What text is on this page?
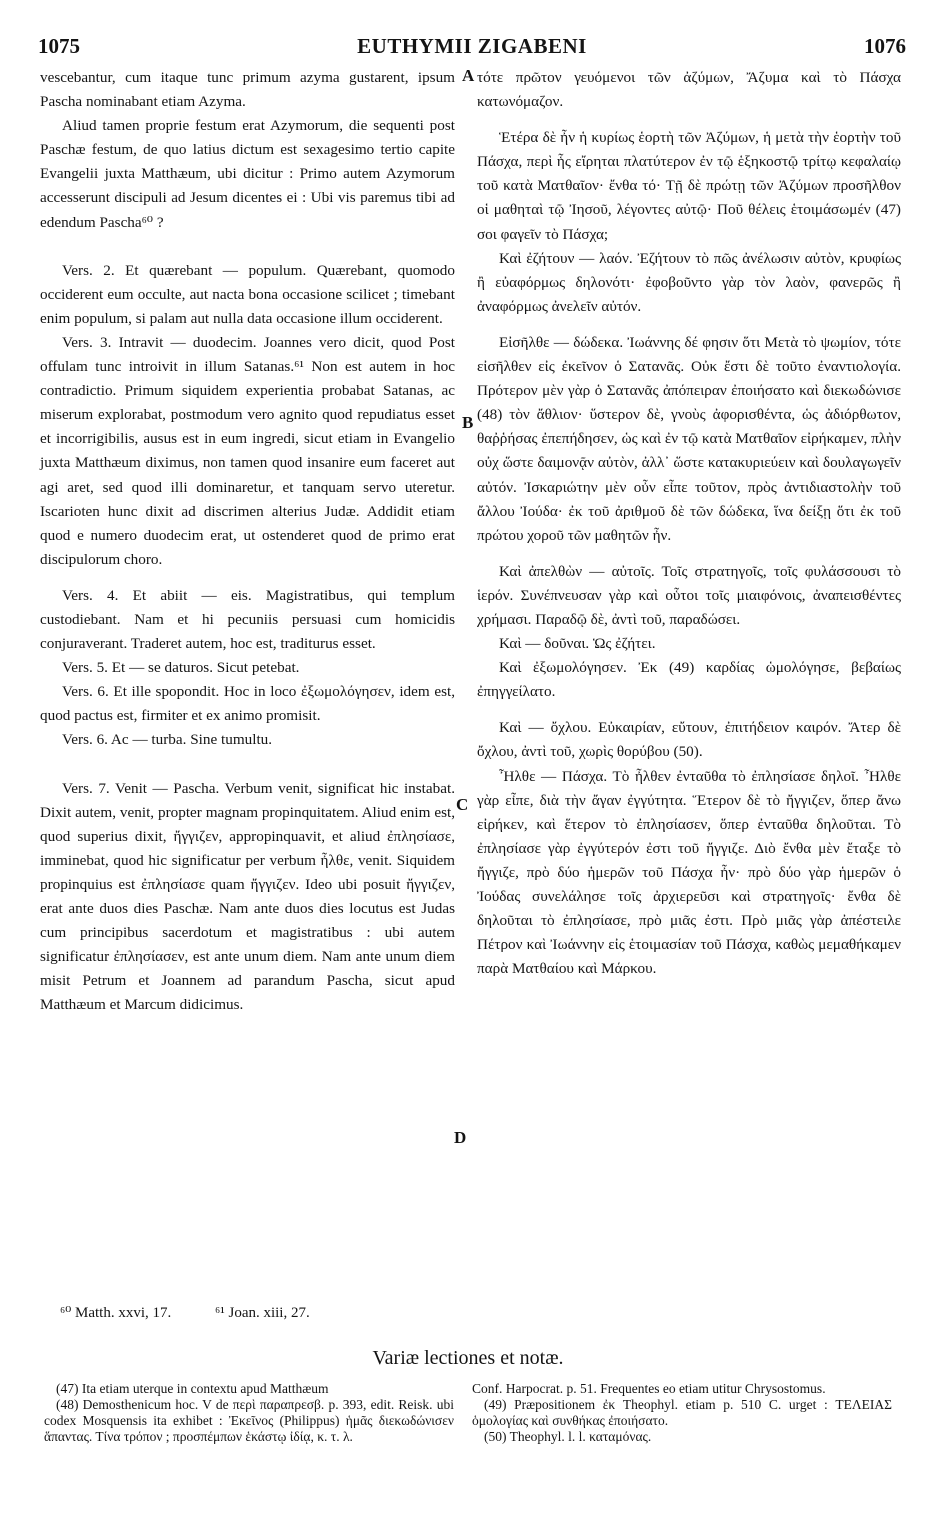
1075	EUTHYMII ZIGABENI	1076
A
B
C
D

vescebantur, cum itaque tunc primum azyma gustarent, ipsum Pascha nominabant etiam Azyma.

Aliud tamen proprie festum erat Azymorum, die sequenti post Paschæ festum, de quo latius dictum est sexagesimo tertio capite Evangelii juxta Matthæum, ubi dicitur : Primo autem Azymorum accesserunt discipuli ad Jesum dicentes ei : Ubi vis paremus tibi ad edendum Pascha⁶⁰ ?

Vers. 2. Et quærebant — populum. Quærebant, quomodo occiderent eum occulte, aut nacta bona occasione scilicet ; timebant enim populum, si palam aut nulla data occasione illum occiderent.

Vers. 3. Intravit — duodecim. Joannes vero dicit, quod Post offulam tunc introivit in illum Satanas.⁶¹ Non est autem in hoc contradictio. Primum siquidem experientia probabat Satanas, ac miserum explorabat, postmodum vero agnito quod repudiatus esset et incorrigibilis, ausus est in eum ingredi, sicut etiam in Evangelio juxta Matthæum diximus, non tamen quod insanire eum faceret aut agi aret, sed quod illi dominaretur, et tanquam servo uteretur. Iscarioten hunc dixit ad discrimen alterius Judæ. Addidit etiam quod e numero duodecim erat, ut ostenderet quod de primo erat discipulorum choro.

Vers. 4. Et abiit — eis. Magistratibus, qui templum custodiebant. Nam et hi pecuniis persuasi cum homicidis conjuraverant. Traderet autem, hoc est, traditurus esset.

Vers. 5. Et — se daturos. Sicut petebat.

Vers. 6. Et ille spopondit. Hoc in loco ἐξωμολόγησεν, idem est, quod pactus est, firmiter et ex animo promisit.

Vers. 6. Ac — turba. Sine tumultu.

Vers. 7. Venit — Pascha. Verbum venit, significat hic instabat. Dixit autem, venit, propter magnam propinquitatem. Aliud enim est, quod superius dixit, ἤγγιζεν, appropinquavit, et aliud ἐπλησίασε, imminebat, quod hic significatur per verbum ἦλθε, venit. Siquidem propinquius est ἐπλησίασε quam ἤγγιζεν. Ideo ubi posuit ἤγγιζεν, erat ante duos dies Paschæ. Nam ante duos dies locutus est Judas cum principibus sacerdotum et magistratibus : ubi autem significatur ἐπλησίασεν, est ante unum diem. Nam ante unum diem misit Petrum et Joannem ad parandum Pascha, sicut apud Matthæum et Marcum didicimus.

τότε πρῶτον γευόμενοι τῶν ἀζύμων, Ἄζυμα καὶ τὸ Πάσχα κατωνόμαζον.

Ἑτέρα δὲ ἦν ἡ κυρίως ἑορτὴ τῶν Ἀζύμων, ἡ μετὰ τὴν ἑορτὴν τοῦ Πάσχα, περὶ ἧς εἴρηται πλατύτερον ἐν τῷ ἑξηκοστῷ τρίτῳ κεφαλαίῳ τοῦ κατὰ Ματθαῖον· ἔνθα τό· Τῇ δὲ πρώτῃ τῶν Ἀζύμων προσῆλθον οἱ μαθηταὶ τῷ Ἰησοῦ, λέγοντες αὐτῷ· Ποῦ θέλεις ἑτοιμάσωμέν (47) σοι φαγεῖν τὸ Πάσχα;

Καὶ ἐζήτουν — λαόν. Ἐζήτουν τὸ πῶς ἀνέλωσιν αὐτὸν, κρυφίως ἢ εὐαφόρμως δηλονότι· ἐφοβοῦντο γὰρ τὸν λαὸν, φανερῶς ἢ ἀναφόρμως ἀνελεῖν αὐτόν.

Εἰσῆλθε — δώδεκα. Ἰωάννης δέ φησιν ὅτι Μετὰ τὸ ψωμίον, τότε εἰσῆλθεν εἰς ἐκεῖνον ὁ Σατανᾶς. Οὐκ ἔστι δὲ τοῦτο ἐναντιολογία. Πρότερον μὲν γὰρ ὁ Σατανᾶς ἀπόπειραν ἐποιήσατο καὶ διεκωδώνισε (48) τὸν ἄθλιον· ὕστερον δὲ, γνοὺς ἀφορισθέντα, ὡς ἀδιόρθωτον, θαῤῥήσας ἐπεπήδησεν, ὡς καὶ ἐν τῷ κατὰ Ματθαῖον εἰρήκαμεν, πλὴν οὐχ ὥστε δαιμονᾷν αὐτὸν, ἀλλ᾽ ὥστε κατακυριεύειν καὶ δουλαγωγεῖν αὐτόν. Ἰσκαριώτην μὲν οὖν εἶπε τοῦτον, πρὸς ἀντιδιαστολὴν τοῦ ἄλλου Ἰούδα· ἐκ τοῦ ἀριθμοῦ δὲ τῶν δώδεκα, ἵνα δείξῃ ὅτι ἐκ τοῦ πρώτου χοροῦ τῶν μαθητῶν ἦν.

Καὶ ἀπελθὼν — αὐτοῖς. Τοῖς στρατηγοῖς, τοῖς φυλάσσουσι τὸ ἱερόν. Συνέπνευσαν γὰρ καὶ οὗτοι τοῖς μιαιφόνοις, ἀναπεισθέντες χρήμασι. Παραδῷ δὲ, ἀντὶ τοῦ, παραδώσει.

Καὶ — δοῦναι. Ὡς ἐζήτει.

Καὶ ἐξωμολόγησεν. Ἐκ (49) καρδίας ὡμολόγησε, βεβαίως ἐπηγγείλατο.

Καὶ — ὄχλου. Εὐκαιρίαν, εὔτουν, ἐπιτήδειον καιρόν. Ἄτερ δὲ ὄχλου, ἀντὶ τοῦ, χωρὶς θορύβου (50).

Ἦλθε — Πάσχα. Τὸ ἦλθεν ἐνταῦθα τὸ ἐπλησίασε δηλοῖ. Ἦλθε γὰρ εἶπε, διὰ τὴν ἄγαν ἐγγύτητα. Ἕτερον δὲ τὸ ἤγγιζεν, ὅπερ ἄνω εἰρήκεν, καὶ ἕτερον τὸ ἐπλησίασεν, ὅπερ ἐνταῦθα δηλοῦται. Τὸ ἐπλησίασε γὰρ ἐγγύτερόν ἐστι τοῦ ἤγγιζε. Διὸ ἔνθα μὲν ἔταξε τὸ ἤγγιζε, πρὸ δύο ἡμερῶν τοῦ Πάσχα ἦν· πρὸ δύο γὰρ ἡμερῶν ὁ Ἰούδας συνελάλησε τοῖς ἀρχιερεῦσι καὶ στρατηγοῖς· ἔνθα δὲ δηλοῦται τὸ ἐπλησίασε, πρὸ μιᾶς ἐστι. Πρὸ μιᾶς γὰρ ἀπέστειλε Πέτρον καὶ Ἰωάννην εἰς ἑτοιμασίαν τοῦ Πάσχα, καθὼς μεμαθήκαμεν παρὰ Ματθαίου καὶ Μάρκου.

⁶⁰ Matth. xxvi, 17.	⁶¹ Joan. xiii, 27.
Variæ lectiones et notæ.

(47) Ita etiam uterque in contextu apud Matthæum

(48) Demosthenicum hoc. V de περὶ παραπρεσβ. p. 393, edit. Reisk. ubi codex Mosquensis ita exhibet : Ἐκεῖνος (Philippus) ἡμᾶς διεκωδώνισεν ἅπαντας. Τίνα τρόπον ; προσπέμπων ἑκάστῳ ἰδίᾳ, κ. τ. λ.

Conf. Harpocrat. p. 51. Frequentes eo etiam utitur Chrysostomus.

(49) Præpositionem ἐκ Theophyl. etiam p. 510 C. urget : ΤΕΛΕΙΑΣ ὁμολογίας καὶ συνθήκας ἐποιήσατο.

(50) Theophyl. l. l. καταμόνας.
